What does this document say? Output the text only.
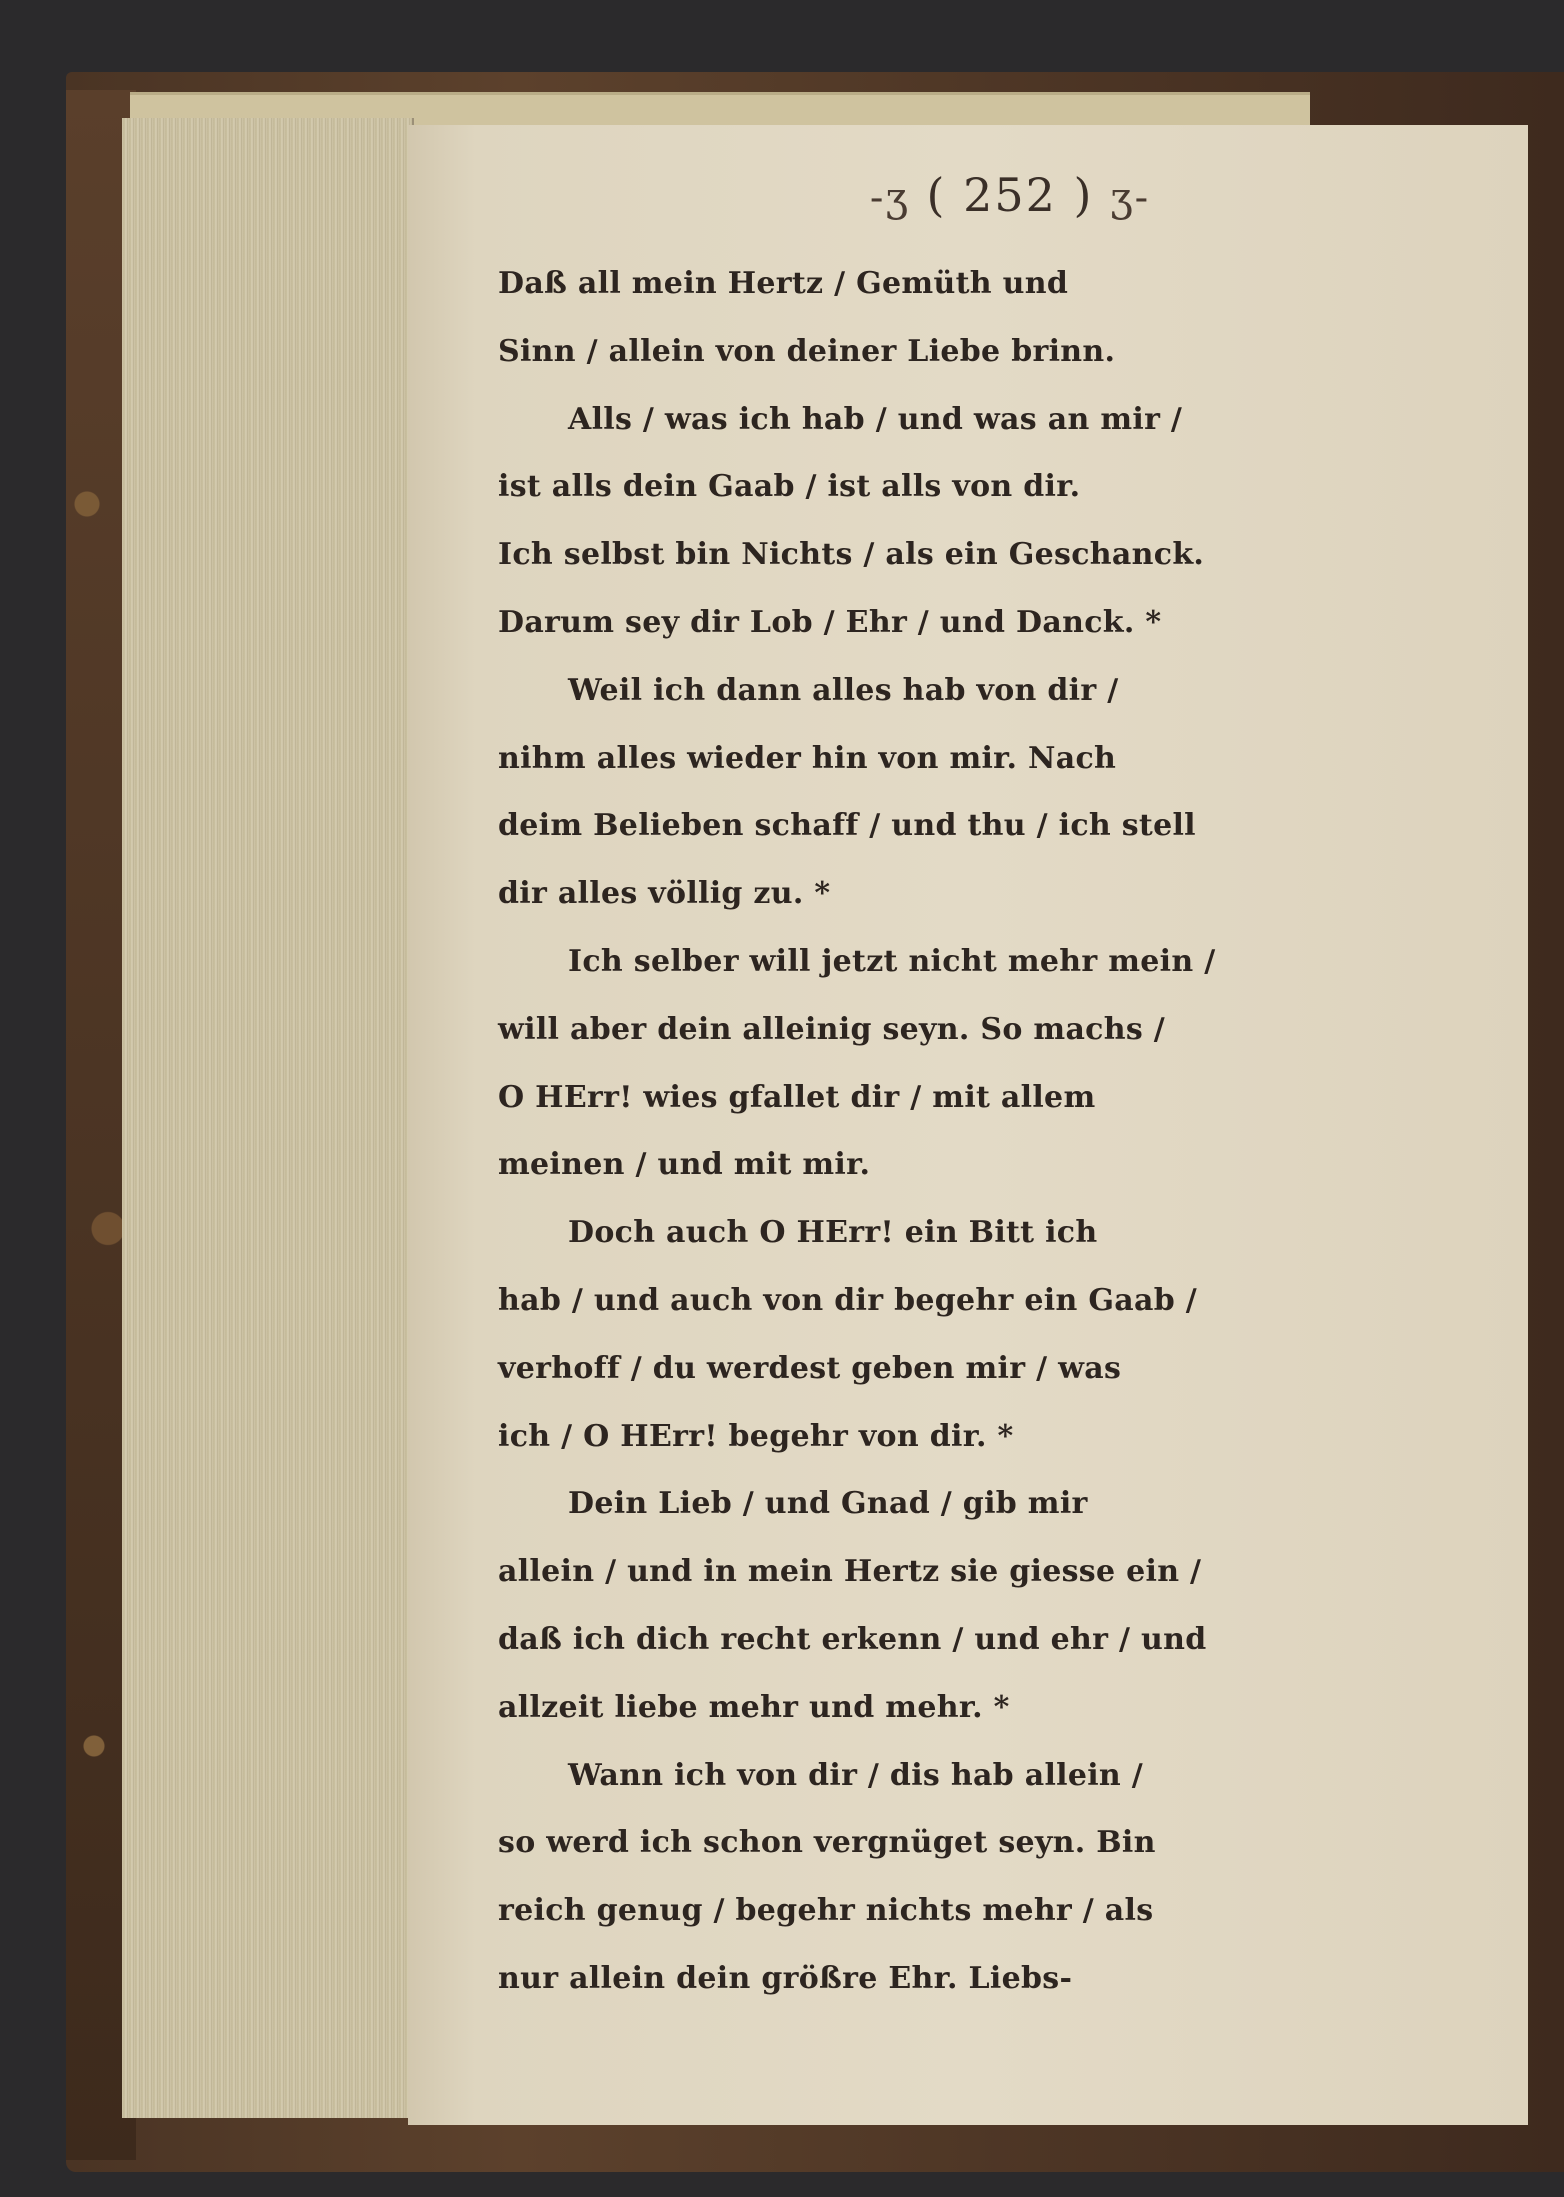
-ʒ ( 252 ) ʒ-
Daß all mein Hertz / Gemüth und
Sinn / allein von deiner Liebe brinn.
Alls / was ich hab / und was an mir /
ist alls dein Gaab / ist alls von dir.
Ich selbst bin Nichts / als ein Geschanck.
Darum sey dir Lob / Ehr / und Danck. *
Weil ich dann alles hab von dir /
nihm alles wieder hin von mir. Nach
deim Belieben schaff / und thu / ich stell
dir alles völlig zu. *
Ich selber will jetzt nicht mehr mein /
will aber dein alleinig seyn. So machs /
O HErr! wies gfallet dir / mit allem
meinen / und mit mir.
Doch auch O HErr! ein Bitt ich
hab / und auch von dir begehr ein Gaab /
verhoff / du werdest geben mir / was
ich / O HErr! begehr von dir. *
Dein Lieb / und Gnad / gib mir
allein / und in mein Hertz sie giesse ein /
daß ich dich recht erkenn / und ehr / und
allzeit liebe mehr und mehr. *
Wann ich von dir / dis hab allein /
so werd ich schon vergnüget seyn. Bin
reich genug / begehr nichts mehr / als
nur allein dein größre Ehr. Liebs-
